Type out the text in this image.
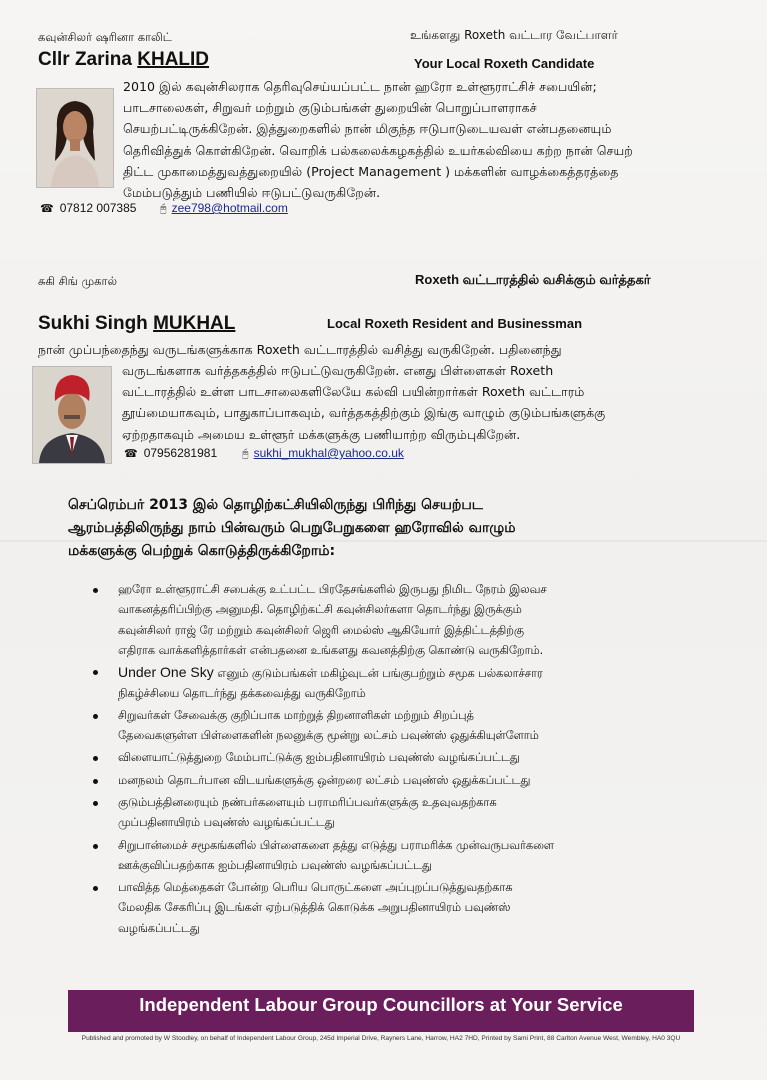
கவுன்சிலர் ஷரினா காலிட்
Cllr Zarina KHALID
உங்களது Roxeth வட்டார வேட்பாளர்
Your Local Roxeth Candidate
2010 இல் கவுன்சிலராக தெரிவுசெய்யப்பட்ட நான் ஹரோ உள்ளூராட்சிச் சபையின்;
பாடசாலைகள், சிறுவர் மற்றும் குடும்பங்கள் துறையின் பொறுப்பாளராகச்
செயற்பட்டிருக்கிறேன். இத்துறைகளில் நான் மிகுந்த ஈடுபாடுடையவள் என்பதனையும்
தெரிவித்துக் கொள்கிறேன். வொறிக் பல்கலைக்கழகத்தில் உயர்கல்வியை கற்ற நான் செயற்
திட்ட முகாமைத்துவத்துறையில் (Project Management ) மக்களின் வாழக்கைத்தரத்தை
மேம்படுத்தும் பணியில் ஈடுபட்டுவருகிறேன்.
☎ 07812 007385 🖰 zee798@hotmail.com
சுகி சிங் முகால்	Roxeth வட்டாரத்தில் வசிக்கும் வர்த்தகர்
Sukhi Singh MUKHAL	Local Roxeth Resident and Businessman
நான் முப்பந்தைந்து வருடங்களுக்காக Roxeth வட்டாரத்தில் வசித்து வருகிறேன். பதினைந்து
வருடங்களாக வர்த்தகத்தில் ஈடுபட்டுவருகிறேன். எனது பிள்ளைகள் Roxeth
வட்டாரத்தில் உள்ள பாடசாலைகளிலேயே கல்வி பயின்றார்கள் Roxeth வட்டாரம்
தூய்மையாகவும், பாதுகாப்பாகவும், வர்த்தகத்திற்கும் இங்கு வாழும் குடும்பங்களுக்கு
ஏற்றதாகவும் அமைய உள்ளூர் மக்களுக்கு பணியாற்ற விரும்புகிறேன்.
☎ 07956281981 🖰 sukhi_mukhal@yahoo.co.uk
செப்ரெம்பர் 2013 இல் தொழிற்கட்சியிலிருந்து பிரிந்து செயற்பட
ஆரம்பத்திலிருந்து நாம் பின்வரும் பெறுபேறுகளை ஹரோவில் வாழும்
மக்களுக்கு பெற்றுக் கொடுத்திருக்கிறோம்:
ஹரோ உள்ளூராட்சி சபைக்கு உட்பட்ட பிரதேசங்களில் இருபது நிமிட நேரம் இலவச
வாகனத்தரிப்பிற்கு அனுமதி. தொழிற்கட்சி கவுன்சிலர்களா தொடர்ந்து இருக்கும்
கவுன்சிலர் ராஜ் ரே மற்றும் கவுன்சிலர் ஜெரி மைல்ஸ் ஆகியோர் இத்திட்டத்திற்கு
எதிராக வாக்களித்தார்கள் என்பதனை உங்களது கவனத்திற்கு கொண்டு வருகிறோம்.
Under One Sky எனும் குடும்பங்கள் மகிழ்வுடன் பங்குபற்றும் சமூக பல்கலாச்சார
நிகழ்ச்சியை தொடர்ந்து தக்கவைத்து வருகிறோம்
சிறுவர்கள் சேவைக்கு குறிப்பாக மாற்றுத் திறனாளிகள் மற்றும் சிறப்புத்
தேவைகளுள்ள பிள்ளைகளின் நலனுக்கு மூன்று லட்சம் பவுண்ஸ் ஒதுக்கியுள்ளோம்
விளையாட்டுத்துறை மேம்பாட்டுக்கு ஐம்பதினாயிரம் பவுண்ஸ் வழங்கப்பட்டது
மனநலம் தொடர்பான விடயங்களுக்கு ஒன்றரை லட்சம் பவுண்ஸ் ஒதுக்கப்பட்டது
குடும்பத்தினரையும் நண்பர்களையும் பராமரிப்பவர்களுக்கு உதவுவதற்காக
முப்பதினாயிரம் பவுண்ஸ் வழங்கப்பட்டது
சிறுபான்மைச் சமூகங்களில் பிள்ளைகளை தத்து எடுத்து பராமரிக்க முன்வருபவர்களை
ஊக்குவிப்பதற்காக ஐம்பதினாயிரம் பவுண்ஸ் வழங்கப்பட்டது
பாவித்த மெத்தைகள் போன்ற பெரிய பொருட்களை அப்புறப்படுத்துவதற்காக
மேலதிக சேகரிப்பு இடங்கள் ஏற்படுத்திக் கொடுக்க அறுபதினாயிரம் பவுண்ஸ்
வழங்கப்பட்டது
Independent Labour Group Councillors at Your Service
Published and promoted by W Stoodley, on behalf of Independent Labour Group, 245d Imperial Drive, Rayners Lane, Harrow, HA2 7HD, Printed by Sami Print, 88 Carlton Avenue West, Wembley, HA0 3QU
